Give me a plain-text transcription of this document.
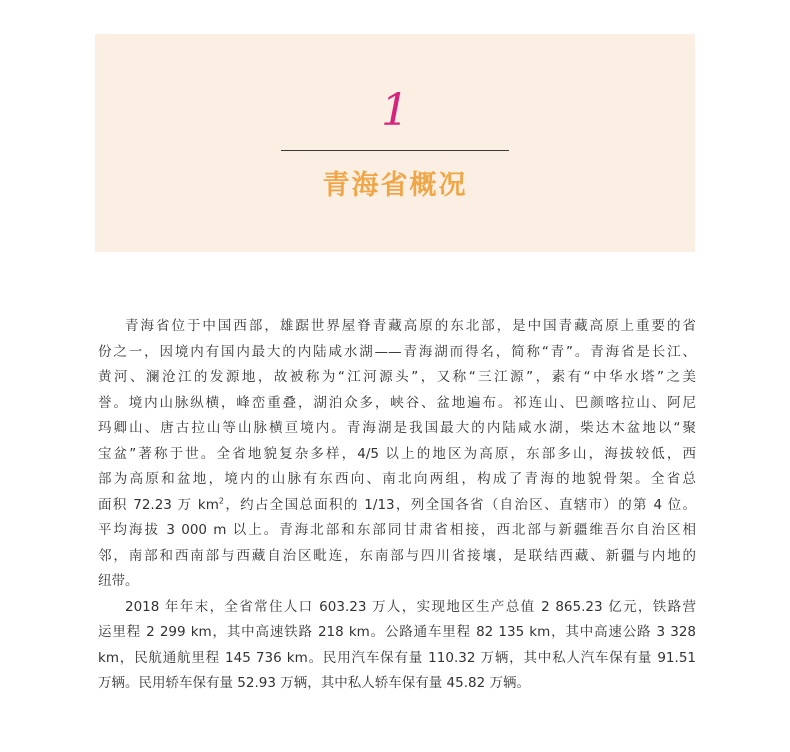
1
青海省概况
青海省位于中国西部，雄踞世界屋脊青藏高原的东北部，是中国青藏高原上重要的省
份之一，因境内有国内最大的内陆咸水湖——青海湖而得名，简称“青”。青海省是长江、
黄河、澜沧江的发源地，故被称为“江河源头”，又称“三江源”，素有“中华水塔”之美
誉。境内山脉纵横，峰峦重叠，湖泊众多，峡谷、盆地遍布。祁连山、巴颜喀拉山、阿尼
玛卿山、唐古拉山等山脉横亘境内。青海湖是我国最大的内陆咸水湖，柴达木盆地以“聚
宝盆”著称于世。全省地貌复杂多样，4/5 以上的地区为高原，东部多山，海拔较低，西
部为高原和盆地，境内的山脉有东西向、南北向两组，构成了青海的地貌骨架。全省总
面积 72.23 万 $km^2$，约占全国总面积的 1/13，列全国各省（自治区、直辖市）的第 4 位。
平均海拔 3 000 m 以上。青海北部和东部同甘肃省相接，西北部与新疆维吾尔自治区相
邻，南部和西南部与西藏自治区毗连，东南部与四川省接壤，是联结西藏、新疆与内地的
纽带。
2018 年年末，全省常住人口 603.23 万人，实现地区生产总值 2 865.23 亿元，铁路营
运里程 2 299 km，其中高速铁路 218 km。公路通车里程 82 135 km，其中高速公路 3 328
km，民航通航里程 145 736 km。民用汽车保有量 110.32 万辆，其中私人汽车保有量 91.51
万辆。民用轿车保有量 52.93 万辆，其中私人轿车保有量 45.82 万辆。
